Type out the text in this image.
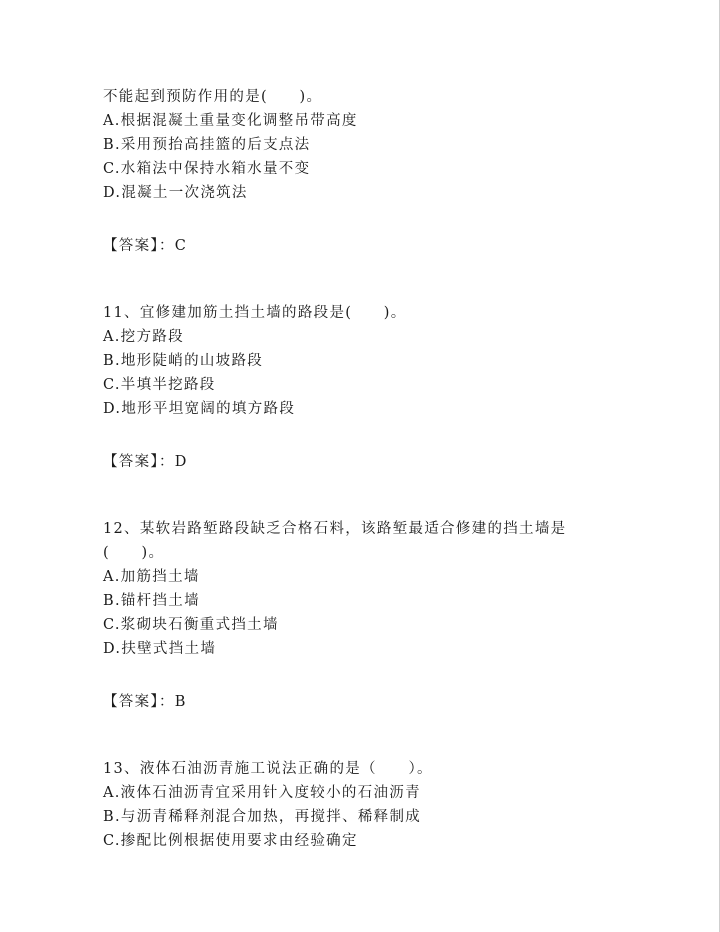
不能起到预防作用的是(　　)。
A.根据混凝土重量变化调整吊带高度
B.采用预抬高挂篮的后支点法
C.水箱法中保持水箱水量不变
D.混凝土一次浇筑法
【答案】：C
11、宜修建加筋土挡土墙的路段是(　　)。
A.挖方路段
B.地形陡峭的山坡路段
C.半填半挖路段
D.地形平坦宽阔的填方路段
【答案】：D
12、某软岩路堑路段缺乏合格石料，该路堑最适合修建的挡土墙是(　　)。
A.加筋挡土墙
B.锚杆挡土墙
C.浆砌块石衡重式挡土墙
D.扶壁式挡土墙
【答案】：B
13、液体石油沥青施工说法正确的是（　　）。
A.液体石油沥青宜采用针入度较小的石油沥青
B.与沥青稀释剂混合加热，再搅拌、稀释制成
C.掺配比例根据使用要求由经验确定
